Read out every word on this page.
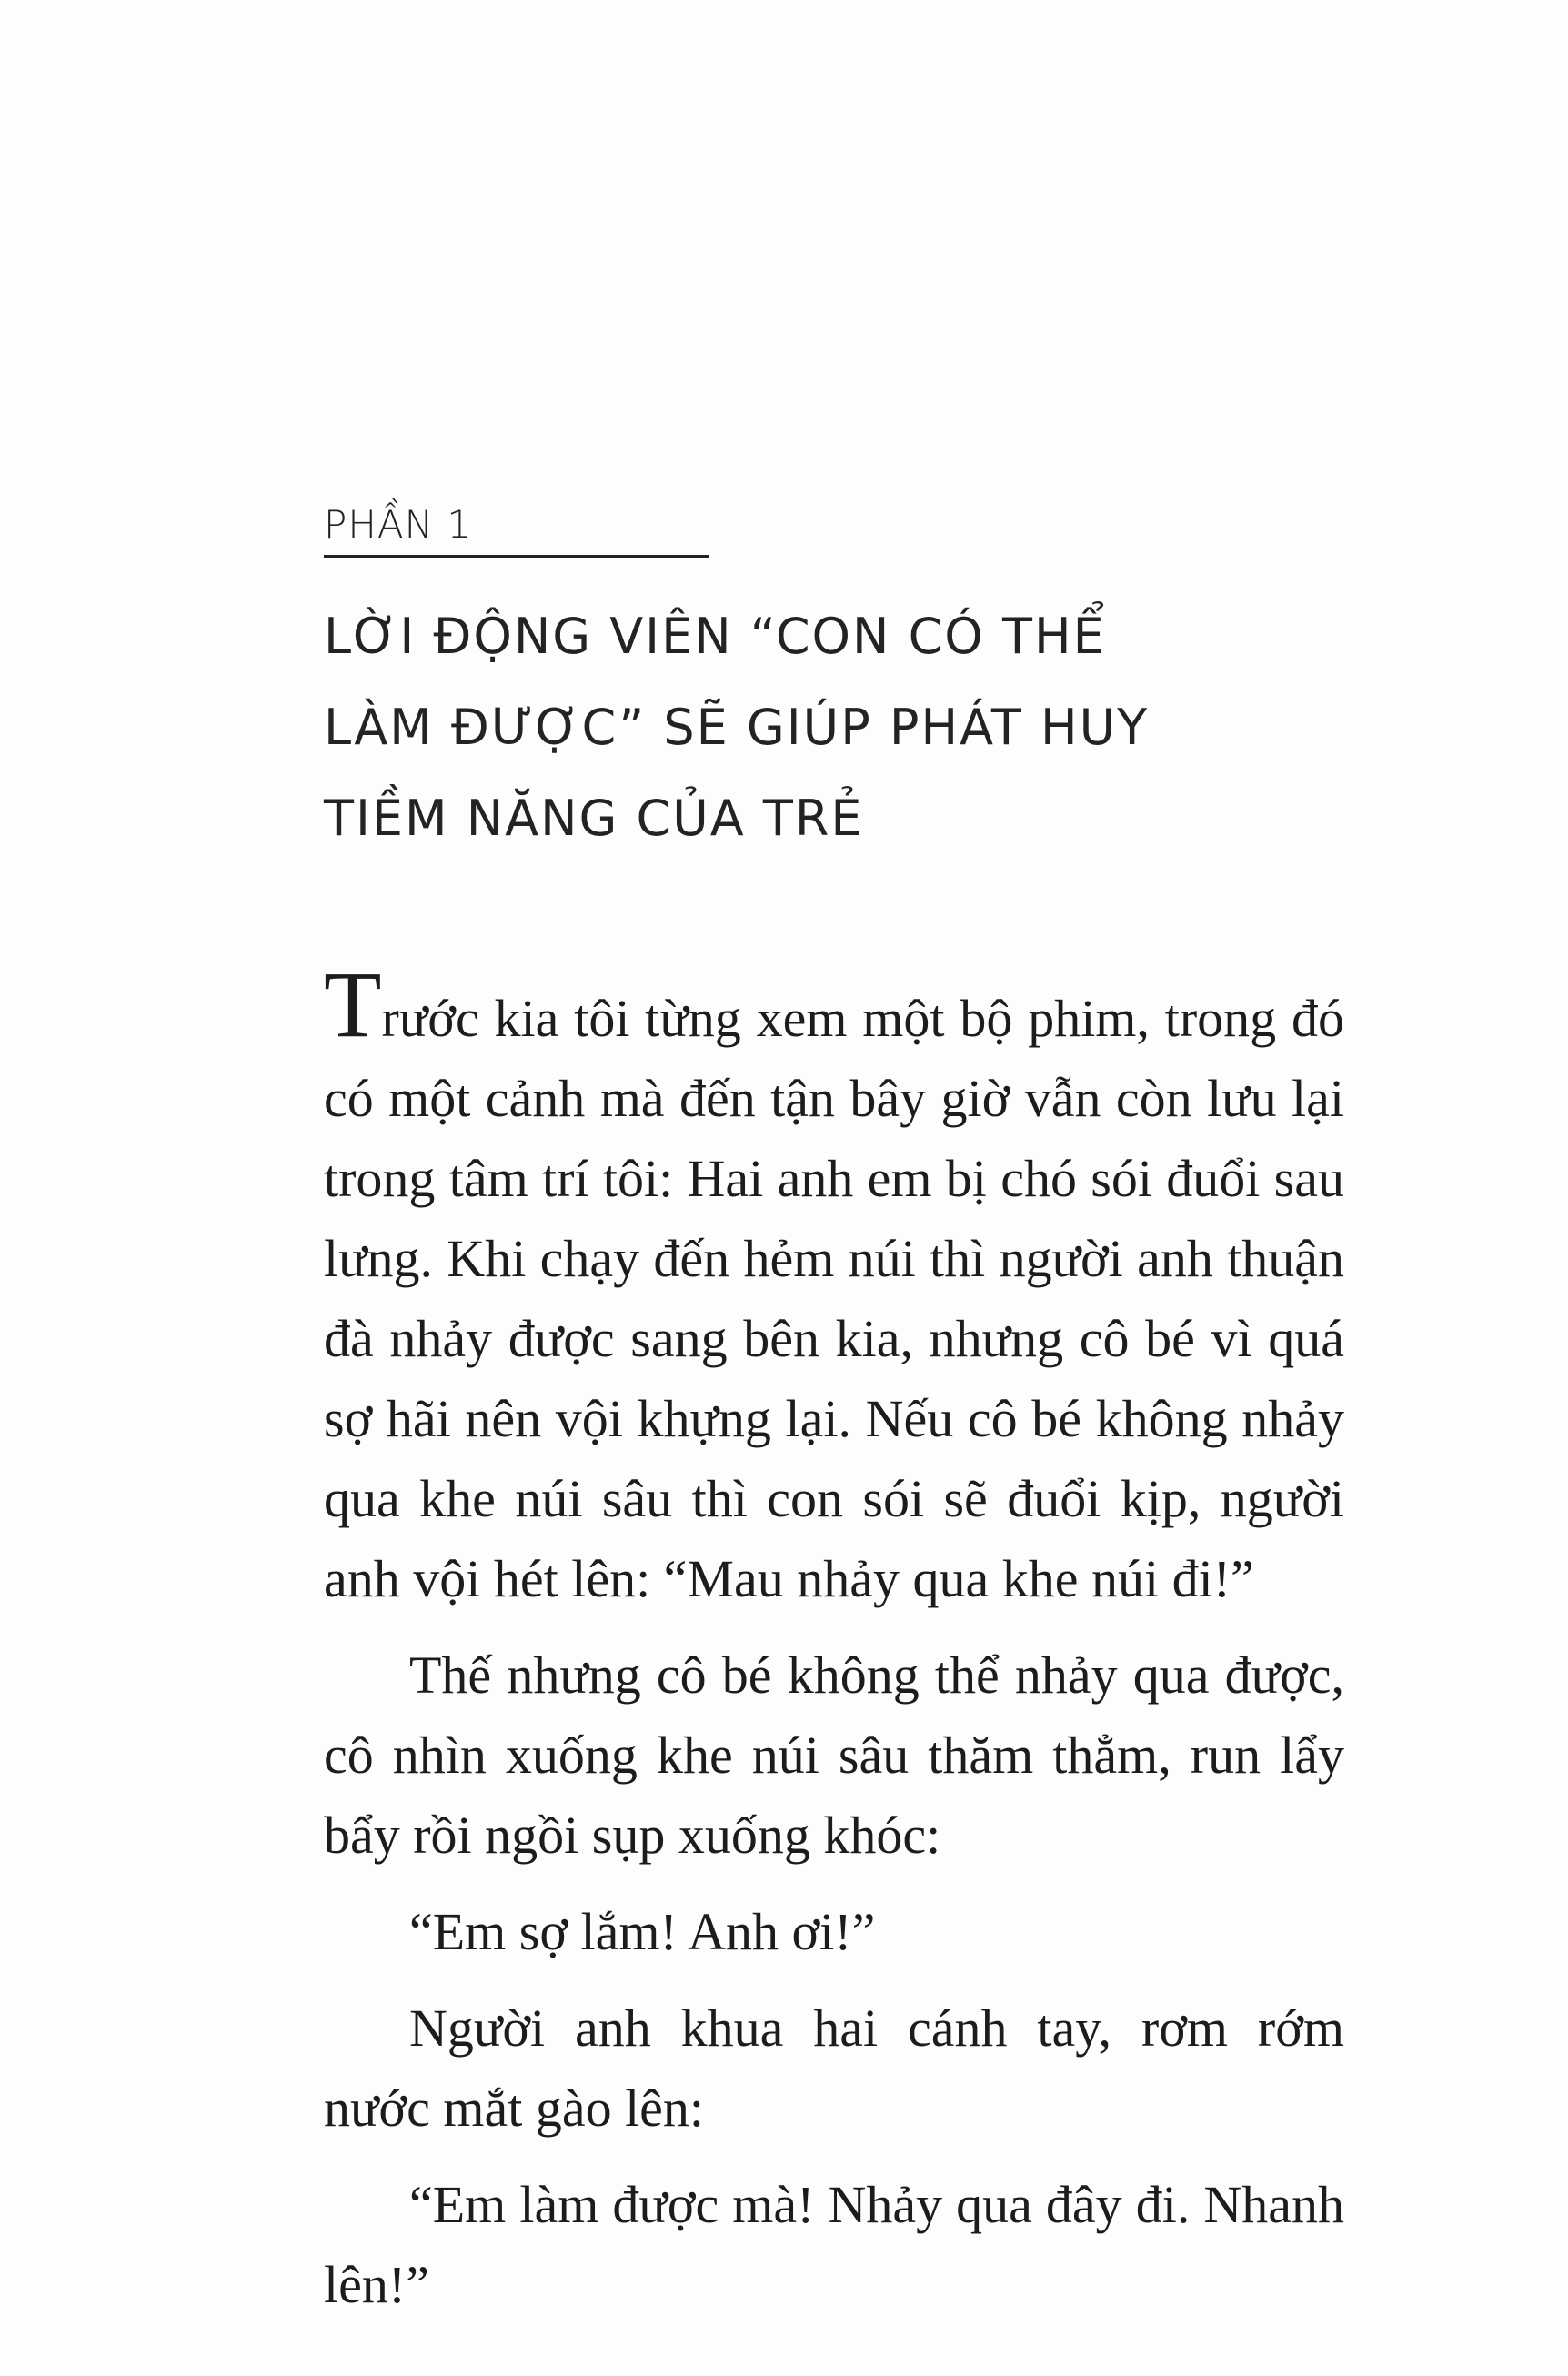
PHẦN 1
LỜI ĐỘNG VIÊN “CON CÓ THỂ
LÀM ĐƯỢC” SẼ GIÚP PHÁT HUY
TIỀM NĂNG CỦA TRẺ

Trước kia tôi từng xem một bộ phim, trong đó có một cảnh mà đến tận bây giờ vẫn còn lưu lại trong tâm trí tôi: Hai anh em bị chó sói đuổi sau lưng. Khi chạy đến hẻm núi thì người anh thuận đà nhảy được sang bên kia, nhưng cô bé vì quá sợ hãi nên vội khựng lại. Nếu cô bé không nhảy qua khe núi sâu thì con sói sẽ đuổi kịp, người anh vội hét lên: “Mau nhảy qua khe núi đi!”

Thế nhưng cô bé không thể nhảy qua được, cô nhìn xuống khe núi sâu thăm thẳm, run lẩy bẩy rồi ngồi sụp xuống khóc:

“Em sợ lắm! Anh ơi!”

Người anh khua hai cánh tay, rơm rớm nước mắt gào lên:

“Em làm được mà! Nhảy qua đây đi. Nhanh lên!”
